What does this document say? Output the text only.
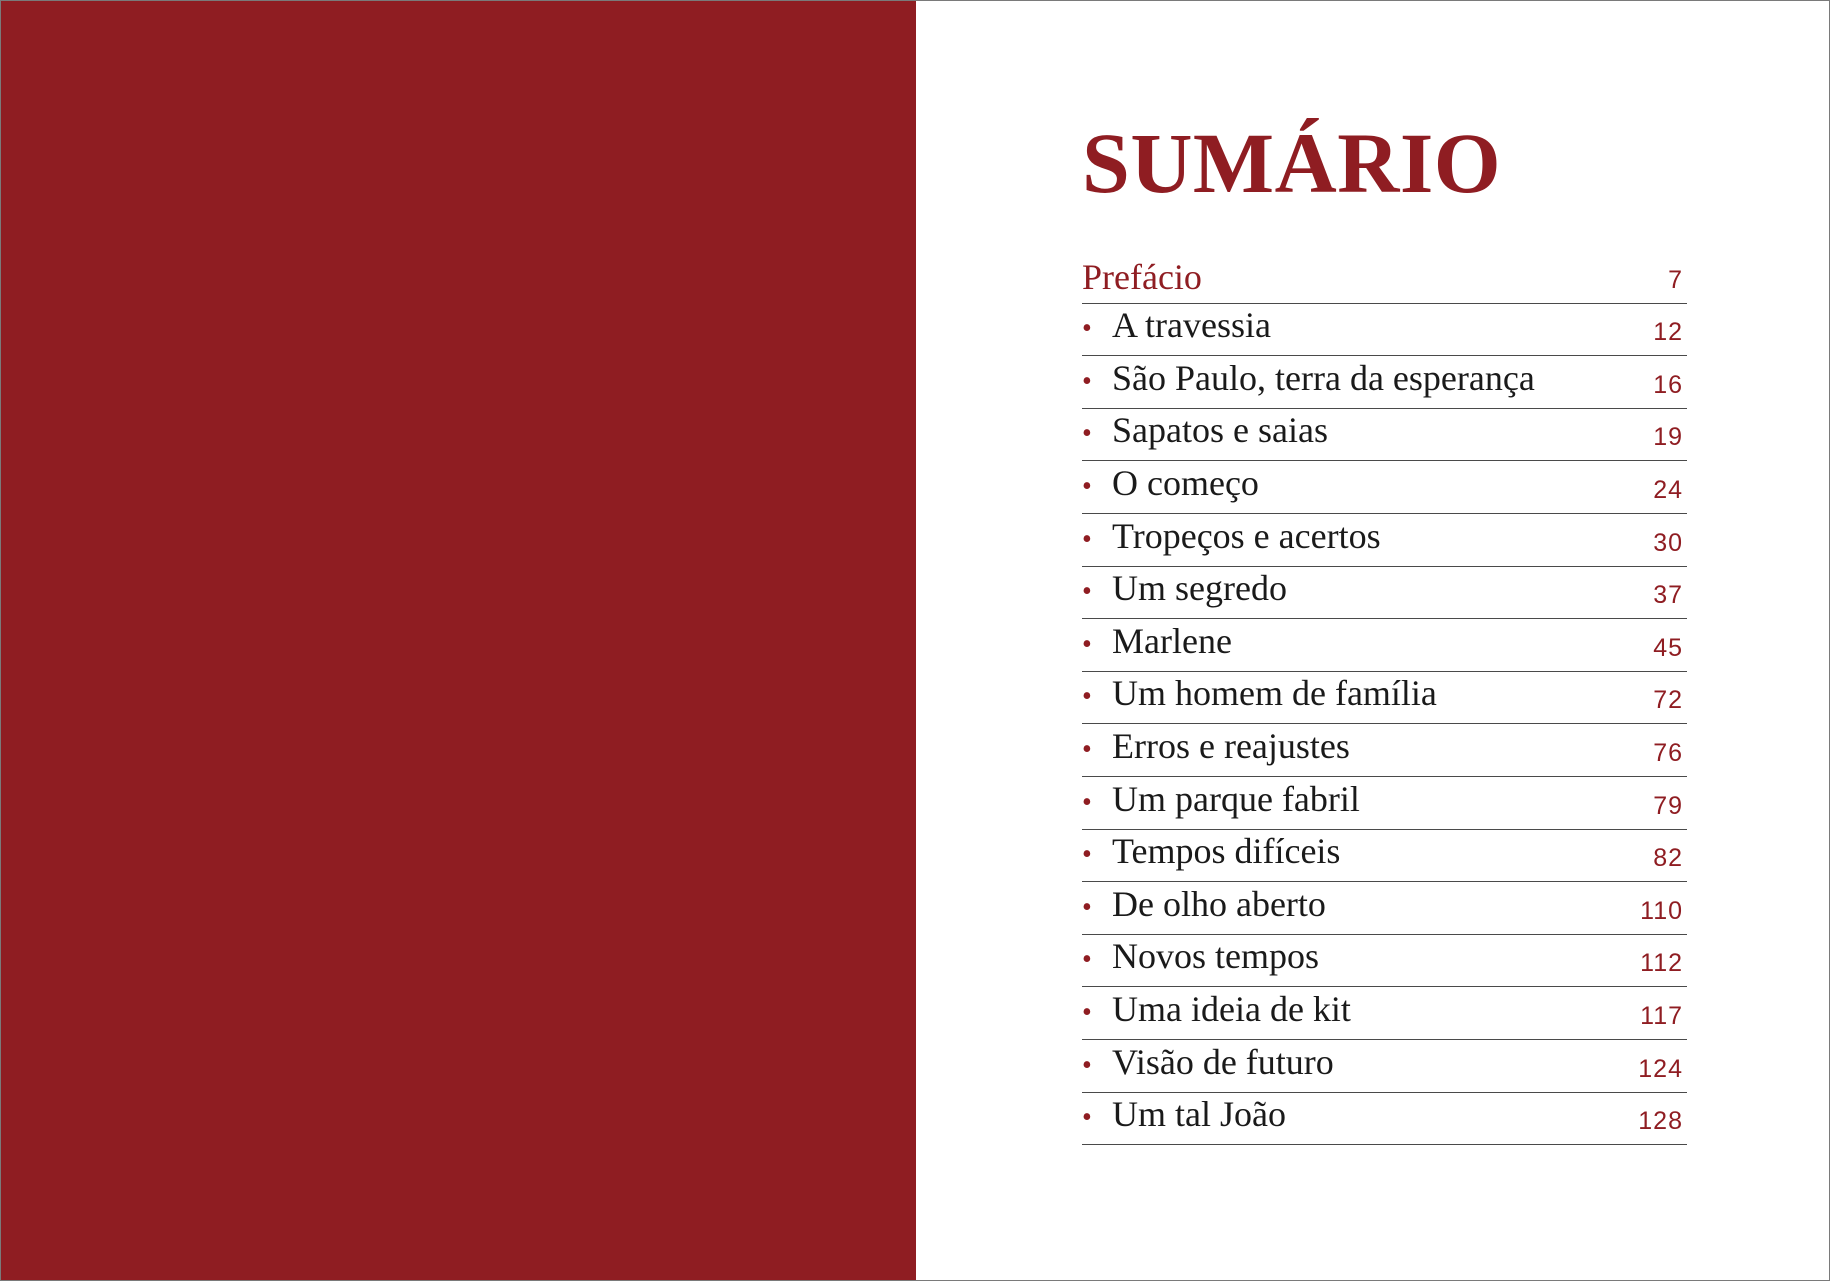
SUMÁRIO
Prefácio	7
• A travessia	12
• São Paulo, terra da esperança	16
• Sapatos e saias	19
• O começo	24
• Tropeços e acertos	30
• Um segredo	37
• Marlene	45
• Um homem de família	72
• Erros e reajustes	76
• Um parque fabril	79
• Tempos difíceis	82
• De olho aberto	110
• Novos tempos	112
• Uma ideia de kit	117
• Visão de futuro	124
• Um tal João	128
